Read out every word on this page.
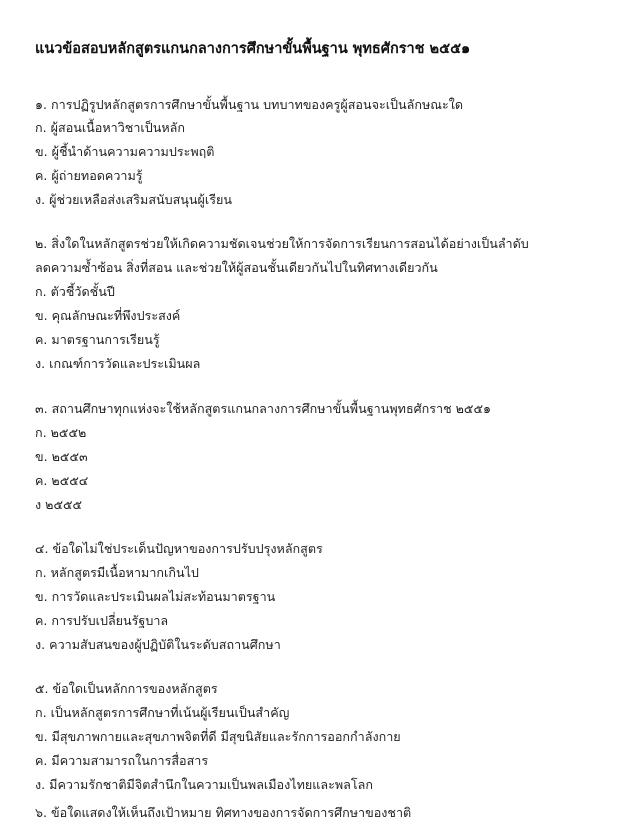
แนวข้อสอบหลักสูตรแกนกลางการศึกษาขั้นพื้นฐาน พุทธศักราช ๒๕๕๑
๑. การปฏิรูปหลักสูตรการศึกษาขั้นพื้นฐาน บทบาทของครูผู้สอนจะเป็นลักษณะใด
ก. ผู้สอนเนื้อหาวิชาเป็นหลัก
ข. ผู้ชี้นำด้านความความประพฤติ
ค. ผู้ถ่ายทอดความรู้
ง. ผู้ช่วยเหลือส่งเสริมสนับสนุนผู้เรียน
๒. สิ่งใดในหลักสูตรช่วยให้เกิดความชัดเจนช่วยให้การจัดการเรียนการสอนได้อย่างเป็นลำดับ
ลดความซ้ำซ้อน สิ่งที่สอน และช่วยให้ผู้สอนชั้นเดียวกันไปในทิศทางเดียวกัน
ก. ตัวชี้วัดชั้นปี
ข. คุณลักษณะที่พึงประสงค์
ค. มาตรฐานการเรียนรู้
ง. เกณฑ์การวัดและประเมินผล
๓. สถานศึกษาทุกแห่งจะใช้หลักสูตรแกนกลางการศึกษาขั้นพื้นฐานพุทธศักราช ๒๕๕๑
ก. ๒๕๕๒
ข. ๒๕๕๓
ค. ๒๕๕๔
ง ๒๕๕๕
๔. ข้อใดไม่ใช่ประเด็นปัญหาของการปรับปรุงหลักสูตร
ก. หลักสูตรมีเนื้อหามากเกินไป
ข. การวัดและประเมินผลไม่สะท้อนมาตรฐาน
ค. การปรับเปลี่ยนรัฐบาล
ง. ความสับสนของผู้ปฏิบัติในระดับสถานศึกษา
๕. ข้อใดเป็นหลักการของหลักสูตร
ก. เป็นหลักสูตรการศึกษาที่เน้นผู้เรียนเป็นสำคัญ
ข. มีสุขภาพกายและสุขภาพจิตที่ดี มีสุขนิสัยและรักการออกกำลังกาย
ค. มีความสามารถในการสื่อสาร
ง. มีความรักชาติมีจิตสำนึกในความเป็นพลเมืองไทยและพลโลก
๖. ข้อใดแสดงให้เห็นถึงเป้าหมาย ทิศทางของการจัดการศึกษาของชาติ
